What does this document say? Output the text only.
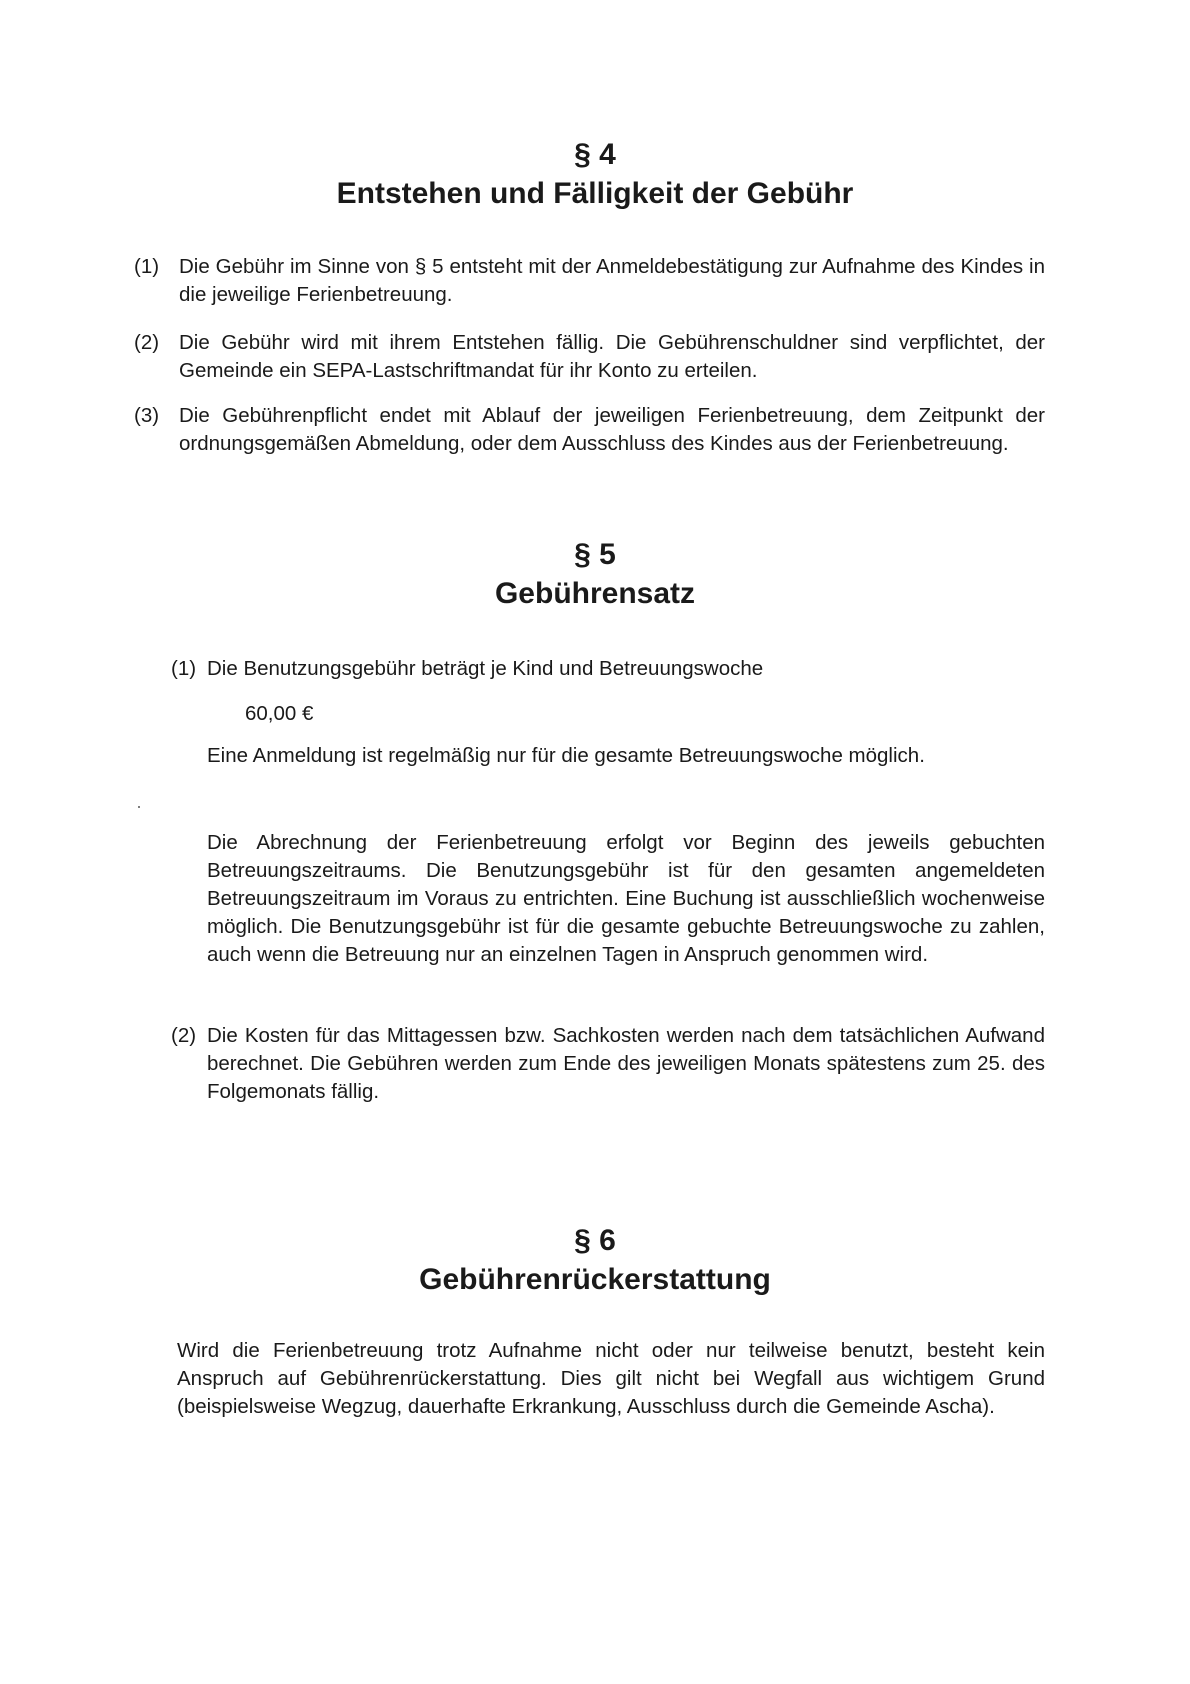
§ 4
Entstehen und Fälligkeit der Gebühr
(1) Die Gebühr im Sinne von § 5 entsteht mit der Anmeldebestätigung zur Aufnahme des Kindes in die jeweilige Ferienbetreuung.
(2) Die Gebühr wird mit ihrem Entstehen fällig. Die Gebührenschuldner sind verpflichtet, der Gemeinde ein SEPA-Lastschriftmandat für ihr Konto zu erteilen.
(3) Die Gebührenpflicht endet mit Ablauf der jeweiligen Ferienbetreuung, dem Zeitpunkt der ordnungsgemäßen Abmeldung, oder dem Ausschluss des Kindes aus der Ferienbetreuung.
§ 5
Gebührensatz
(1) Die Benutzungsgebühr beträgt je Kind und Betreuungswoche
60,00 €
Eine Anmeldung ist regelmäßig nur für die gesamte Betreuungswoche möglich.
Die Abrechnung der Ferienbetreuung erfolgt vor Beginn des jeweils gebuchten Betreuungszeitraums. Die Benutzungsgebühr ist für den gesamten angemeldeten Betreuungszeitraum im Voraus zu entrichten. Eine Buchung ist ausschließlich wochenweise möglich. Die Benutzungsgebühr ist für die gesamte gebuchte Betreuungswoche zu zahlen, auch wenn die Betreuung nur an einzelnen Tagen in Anspruch genommen wird.
(2) Die Kosten für das Mittagessen bzw. Sachkosten werden nach dem tatsächlichen Aufwand berechnet. Die Gebühren werden zum Ende des jeweiligen Monats spätestens zum 25. des Folgemonats fällig.
§ 6
Gebührenrückerstattung
Wird die Ferienbetreuung trotz Aufnahme nicht oder nur teilweise benutzt, besteht kein Anspruch auf Gebührenrückerstattung. Dies gilt nicht bei Wegfall aus wichtigem Grund (beispielsweise Wegzug, dauerhafte Erkrankung, Ausschluss durch die Gemeinde Ascha).
